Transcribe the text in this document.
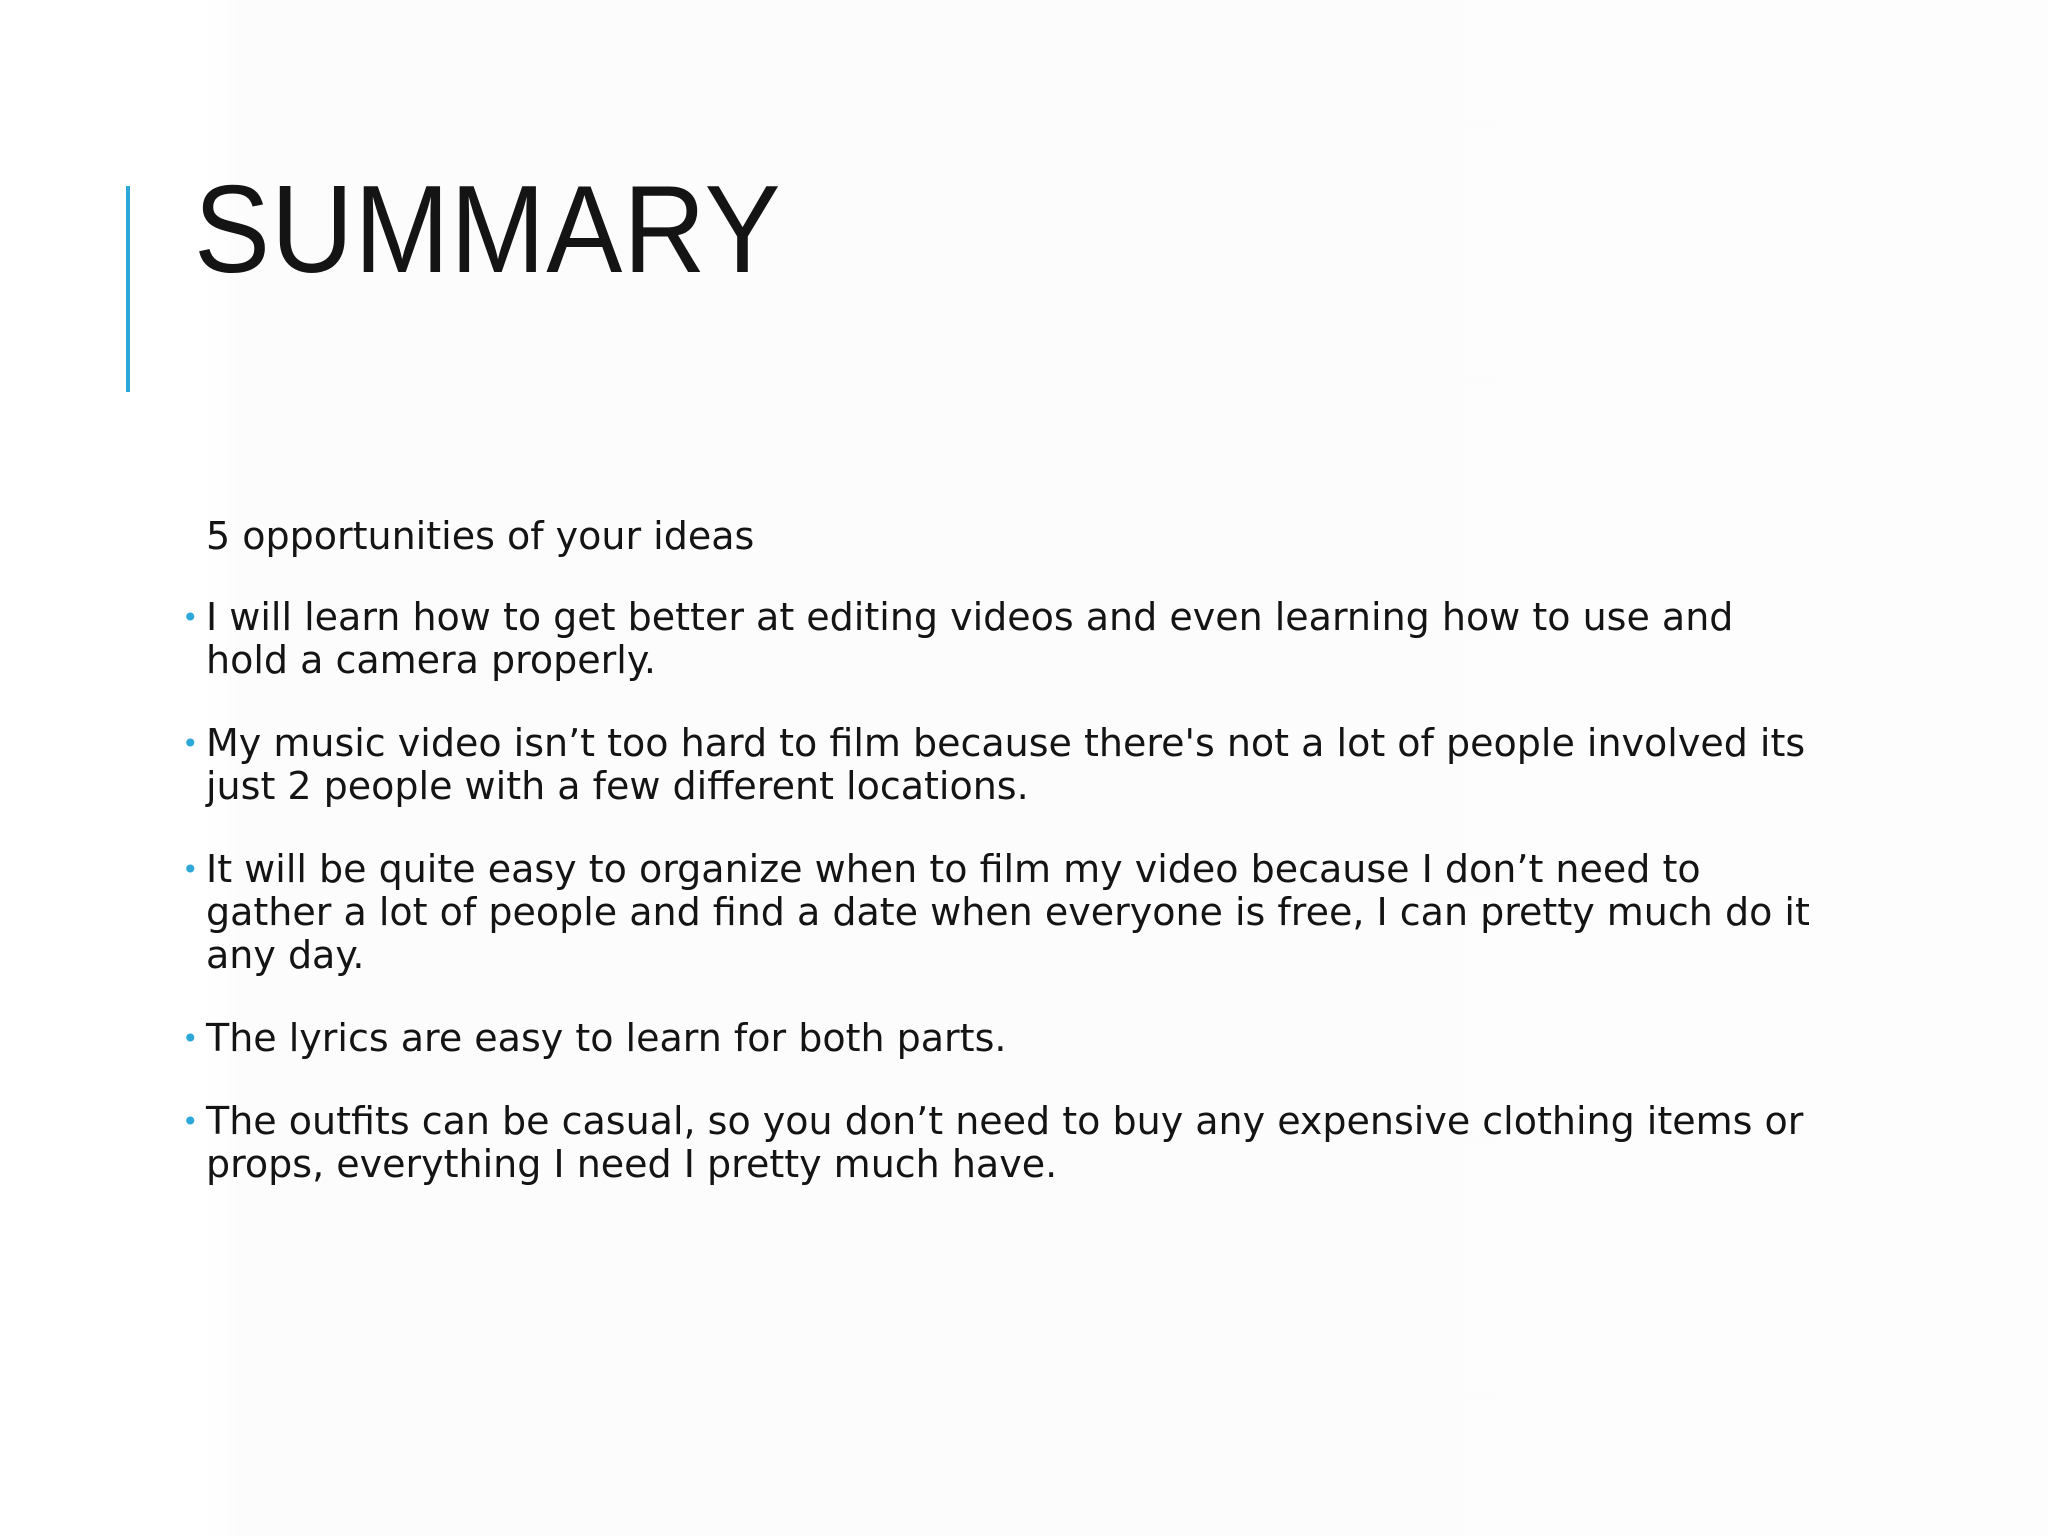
SUMMARY

5 opportunities of your ideas

• I will learn how to get better at editing videos and even learning how to use and hold a camera properly.
• My music video isn’t too hard to film because there's not a lot of people involved its just 2 people with a few different locations.
• It will be quite easy to organize when to film my video because I don’t need to gather a lot of people and find a date when everyone is free, I can pretty much do it any day.
• The lyrics are easy to learn for both parts.
• The outfits can be casual, so you don’t need to buy any expensive clothing items or props, everything I need I pretty much have.
